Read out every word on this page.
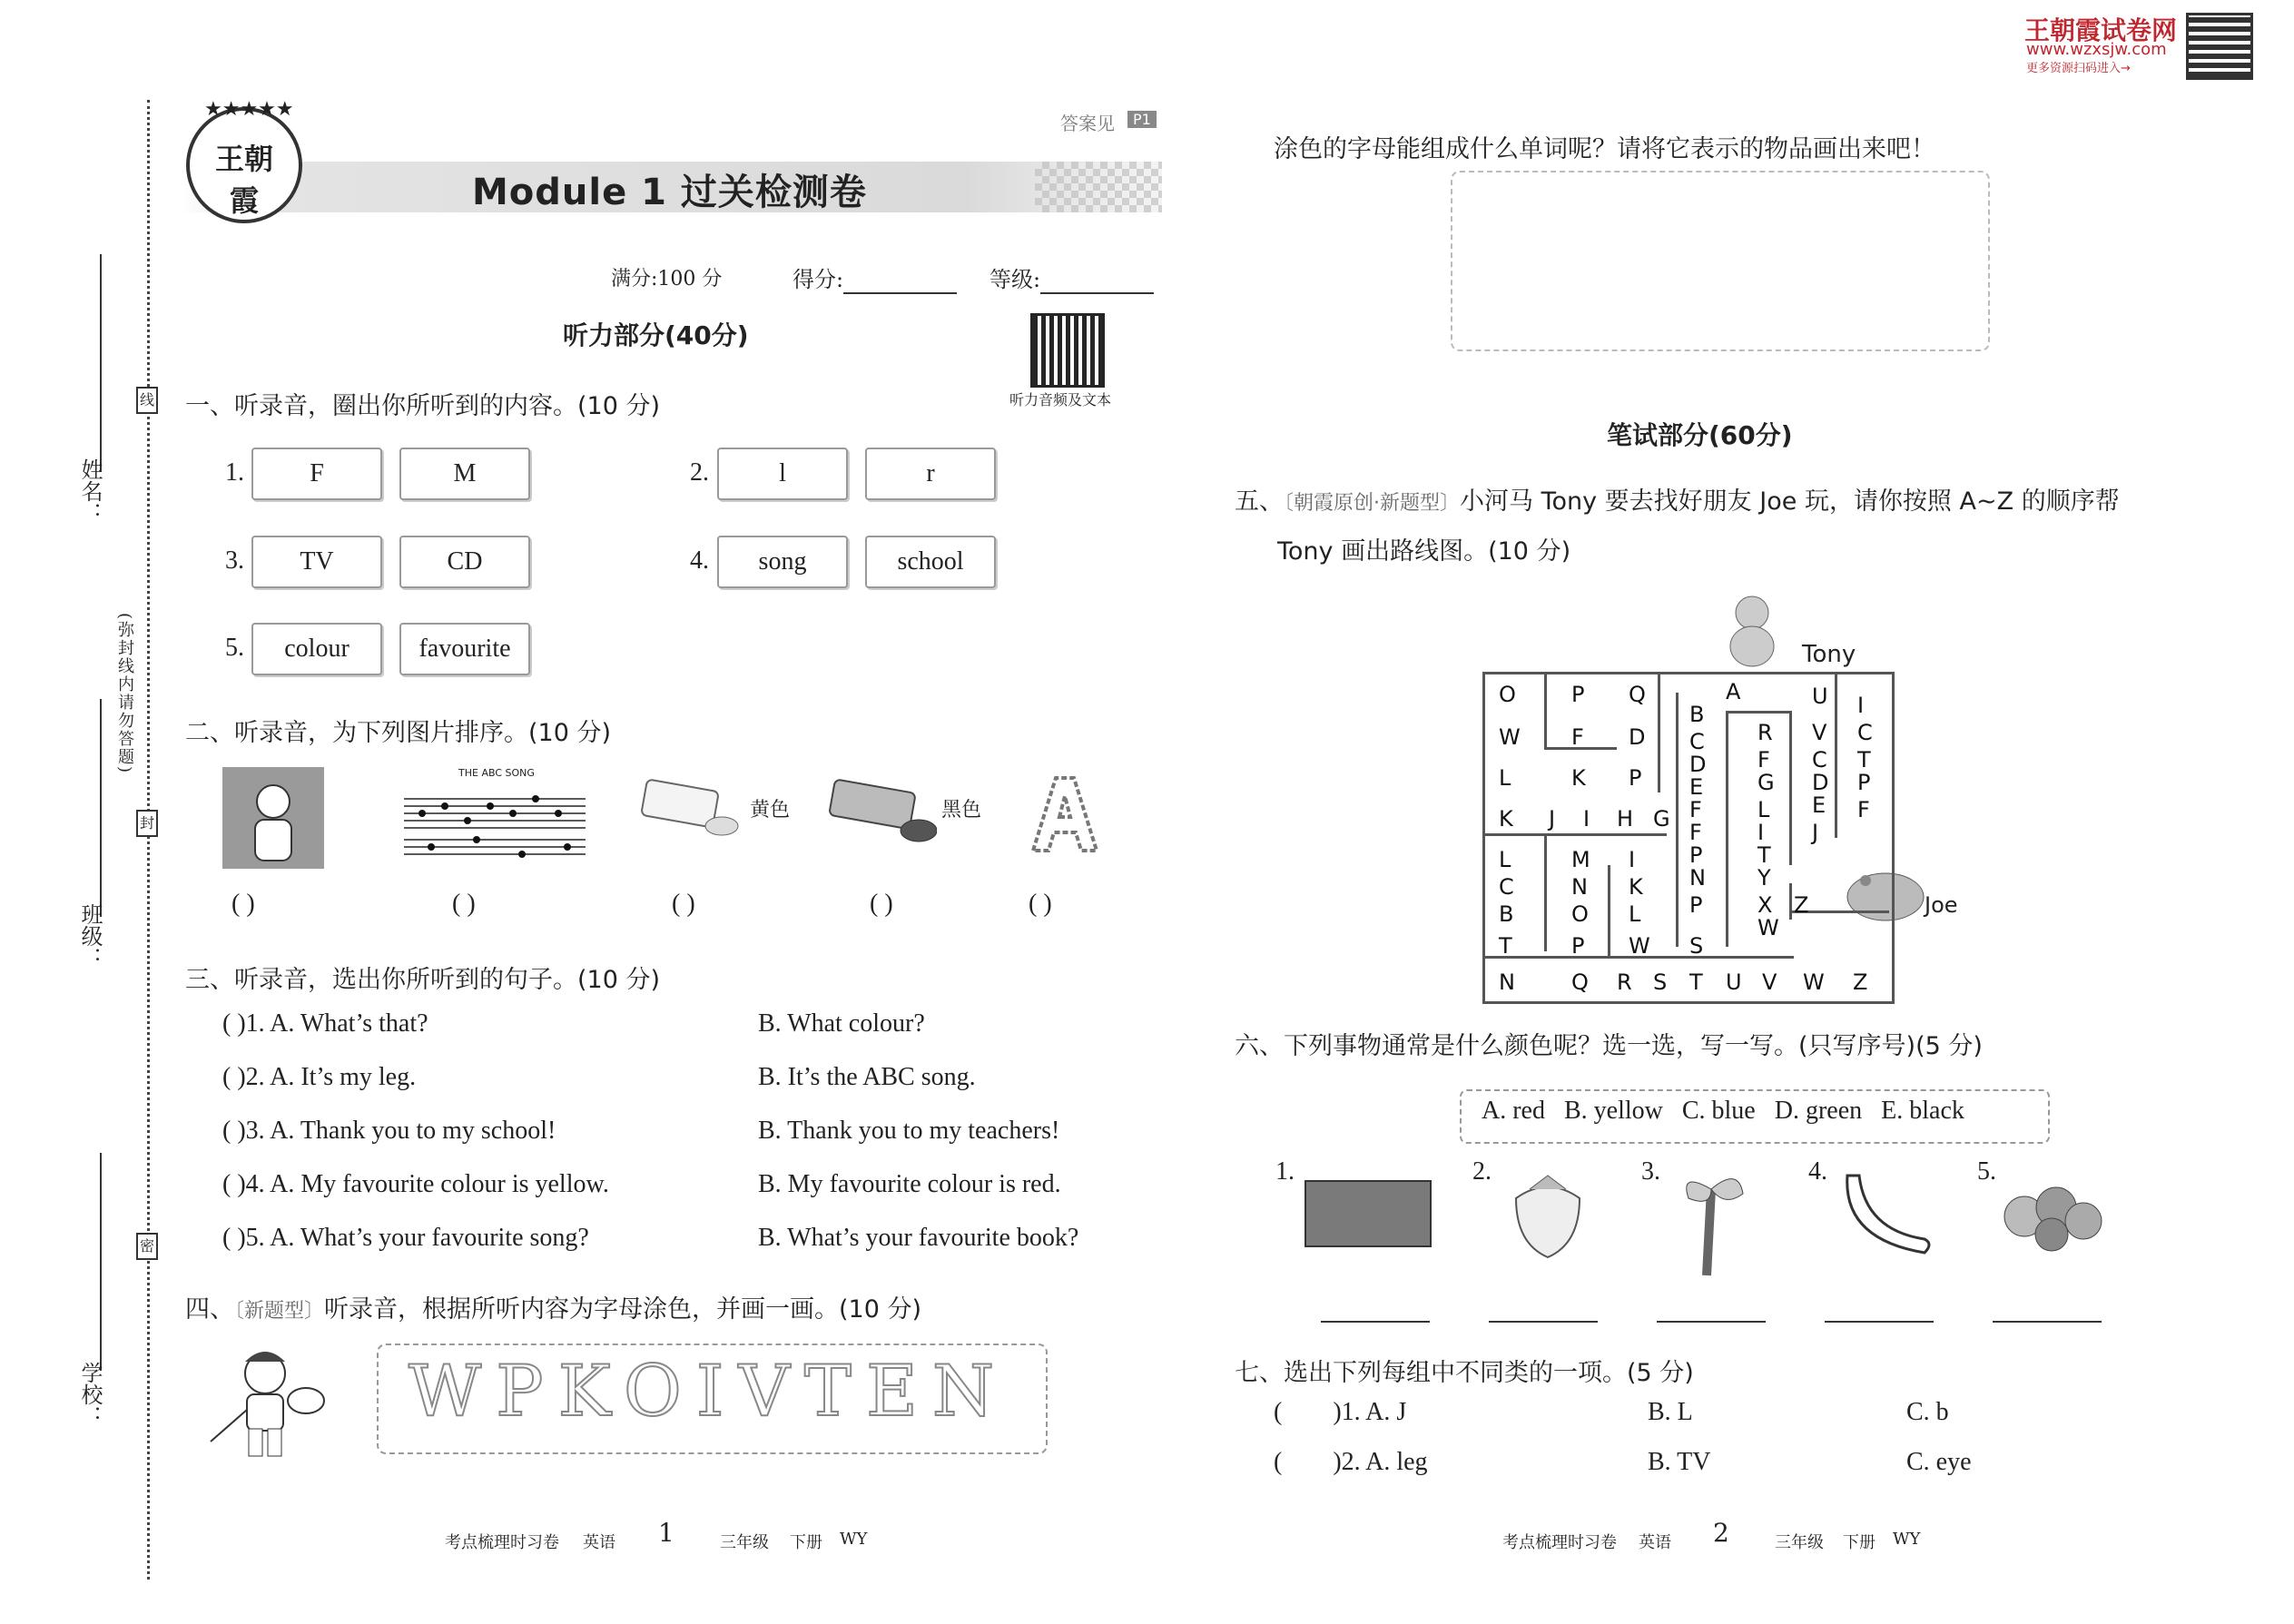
王朝霞试卷网
www.wzxsjw.com
更多资源扫码进入→
姓名：
班级：
学校：
(弥封线内请勿答题)
线
封
密
王朝霞
★★★★★
Module 1 过关检测卷
答案见	P1
满分:100 分	得分:	等级:
听力部分(40分)
听力音频及文本
一、听录音，圈出你所听到的内容。(10 分)
1.	F	M	2.	l	r
3.	TV	CD	4.	song	school
5.	colour	favourite
二、听录音，为下列图片排序。(10 分)
THE ABC SONG
黄色	黑色
( )	( )	( )	( )	( )
三、听录音，选出你所听到的句子。(10 分)
( )1. A. What’s that?	B. What colour?
( )2. A. It’s my leg.	B. It’s the ABC song.
( )3. A. Thank you to my school!	B. Thank you to my teachers!
( )4. A. My favourite colour is yellow.	B. My favourite colour is red.
( )5. A. What’s your favourite song?	B. What’s your favourite book?
四、〔新题型〕听录音，根据所听内容为字母涂色，并画一画。(10 分)
WPKOIVTEN
考点梳理时习卷 英语 1	三年级 下册 WY
涂色的字母能组成什么单词呢？请将它表示的物品画出来吧！
笔试部分(60分)
五、〔朝霞原创·新题型〕小河马 Tony 要去找好朋友 Joe 玩，请你按照 A~Z 的顺序帮
Tony 画出路线图。(10 分)
Tony
Joe
O	P Q
W F D
L	K P
K J I H G
L	M I
C	N K
B	O L
T	P W
N	Q R S T U V W Z
B
C
D
E
F
F
P
N
P
S
A
R
F
G
L
I
T
Y
X
W
Z
U
V
C
D
E
J
I
C
T
P
F
六、下列事物通常是什么颜色呢？选一选，写一写。(只写序号)(5 分)
A. red   B. yellow   C. blue   D. green   E. black
1.	2.	3.	4.	5.
七、选出下列每组中不同类的一项。(5 分)
(        )1. A. J	B. L	C. b
(        )2. A. leg	B. TV	C. eye
考点梳理时习卷 英语 2	三年级 下册 WY
